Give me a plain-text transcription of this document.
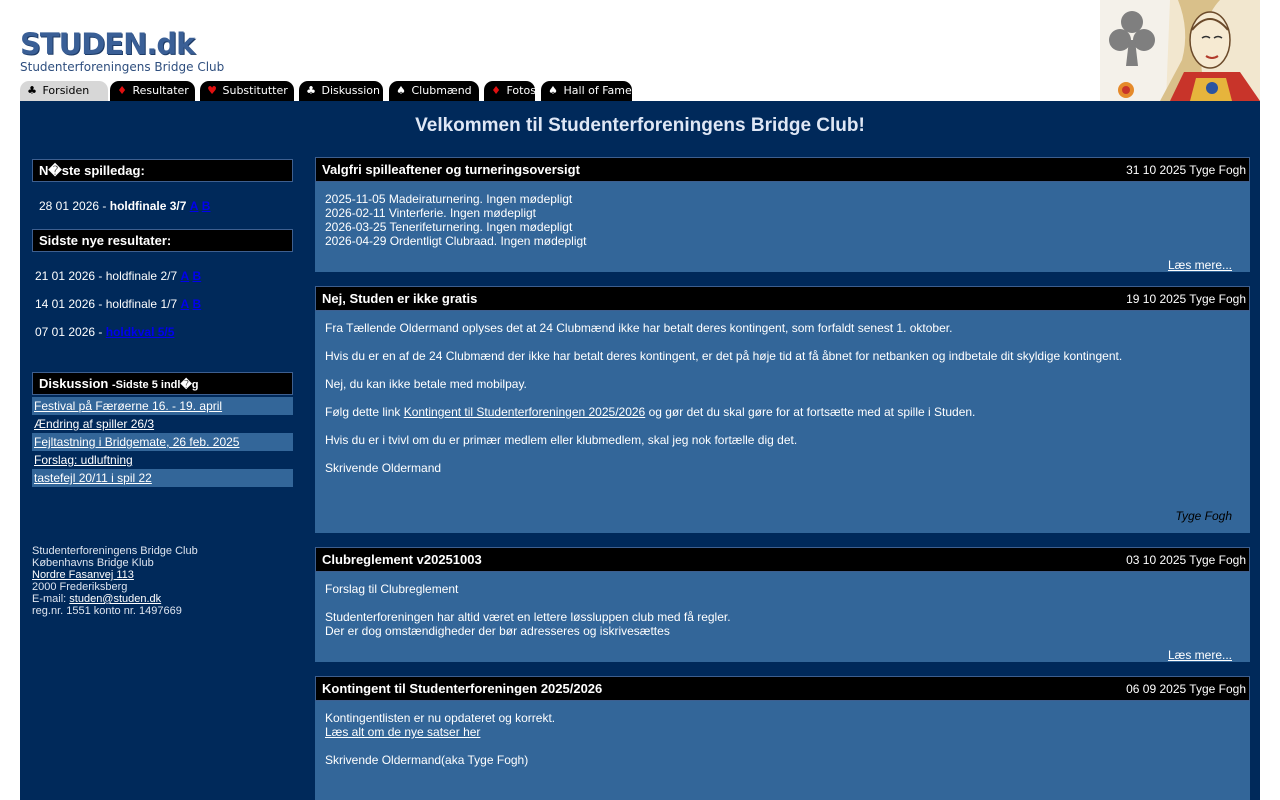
STUDEN.dk
Studenterforeningens Bridge Club
♣ Forsiden	♦ Resultater	♥ Substitutter	♣ Diskussion	♠ Clubmænd	♦ Fotos	♠ Hall of Fame
Velkommen til Studenterforeningens Bridge Club!
N�ste spilledag:
28 01 2026 - holdfinale 3/7 A B
Sidste nye resultater:
21 01 2026 - holdfinale 2/7 A B
14 01 2026 - holdfinale 1/7 A B
07 01 2026 - holdkval 5/5
Diskussion -Sidste 5 indl�g
Festival på Færøerne 16. - 19. april
Ændring af spiller 26/3
Fejltastning i Bridgemate, 26 feb. 2025
Forslag: udluftning
tastefejl 20/11 i spil 22
Studenterforeningens Bridge Club
Københavns Bridge Klub
Nordre Fasanvej 113
2000 Frederiksberg
E-mail: studen@studen.dk
reg.nr. 1551 konto nr. 1497669
Valgfri spilleaftener og turneringsoversigt	31 10 2025 Tyge Fogh

2025-11-05 Madeiraturnering. Ingen mødepligt

2026-02-11 Vinterferie. Ingen mødepligt

2026-03-25 Tenerifeturnering. Ingen mødepligt

2026-04-29 Ordentligt Clubraad. Ingen mødepligt

Læs mere...
Nej, Studen er ikke gratis	19 10 2025 Tyge Fogh

Fra Tællende Oldermand oplyses det at 24 Clubmænd ikke har betalt deres kontingent, som forfaldt senest 1. oktober.

Hvis du er en af de 24 Clubmænd der ikke har betalt deres kontingent, er det på høje tid at få åbnet for netbanken og indbetale dit skyldige kontingent.

Nej, du kan ikke betale med mobilpay.

Følg dette link Kontingent til Studenterforeningen 2025/2026 og gør det du skal gøre for at fortsætte med at spille i Studen.

Hvis du er i tvivl om du er primær medlem eller klubmedlem, skal jeg nok fortælle dig det.

Skrivende Oldermand

Tyge Fogh
Clubreglement v20251003	03 10 2025 Tyge Fogh

Forslag til Clubreglement

Studenterforeningen har altid været en lettere løssluppen club med få regler.

Der er dog omstændigheder der bør adresseres og iskrivesættes

Læs mere...
Kontingent til Studenterforeningen 2025/2026	06 09 2025 Tyge Fogh

Kontingentlisten er nu opdateret og korrekt.

Læs alt om de nye satser her

Skrivende Oldermand(aka Tyge Fogh)
